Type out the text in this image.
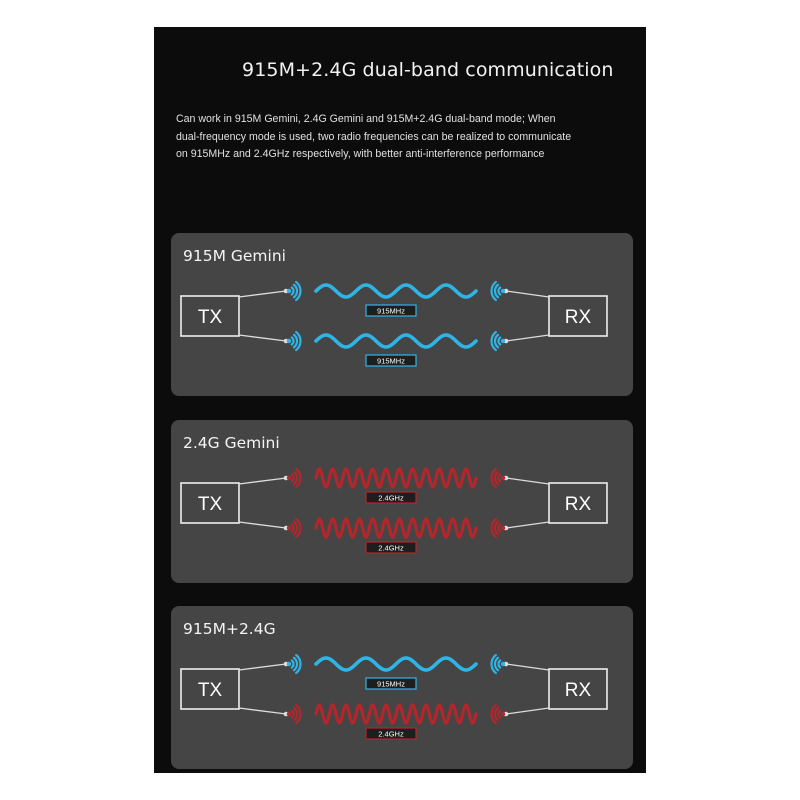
915M+2.4G dual-band communication
Can work in 915M Gemini, 2.4G Gemini and 915M+2.4G dual-band mode; When
dual-frequency mode is used, two radio frequencies can be realized to communicate
on 915MHz and 2.4GHz respectively, with better anti-interference performance
915M Gemini
TX	RX
915MHz
915MHz
2.4G Gemini
TX	RX
2.4GHz
2.4GHz
915M+2.4G
TX	RX
915MHz
2.4GHz
